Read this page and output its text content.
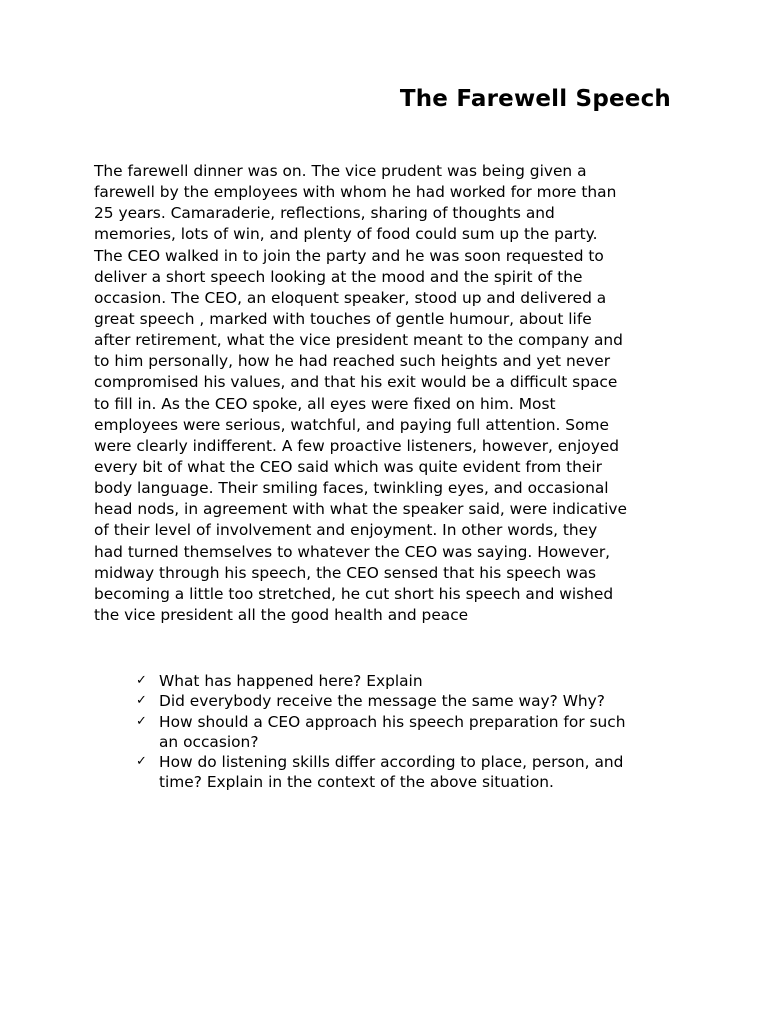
The Farewell Speech
The farewell dinner was on. The vice prudent was being given a
farewell by the employees with whom he had worked for more than
25 years. Camaraderie, reflections, sharing of thoughts and
memories, lots of win, and plenty of food could sum up the party.
The CEO walked in to join the party and he was soon requested to
deliver a short speech looking at the mood and the spirit of the
occasion. The CEO, an eloquent speaker, stood up and delivered a
great speech , marked with touches of gentle humour, about life
after retirement, what the vice president meant to the company and
to him personally, how he had reached such heights and yet never
compromised his values, and that his exit would be a difficult space
to fill in. As the CEO spoke, all eyes were fixed on him. Most
employees were serious, watchful, and paying full attention. Some
were clearly indifferent. A few proactive listeners, however, enjoyed
every bit of what the CEO said which was quite evident from their
body language. Their smiling faces, twinkling eyes, and occasional
head nods, in agreement with what the speaker said, were indicative
of their level of involvement and enjoyment. In other words, they
had turned themselves to whatever the CEO was saying. However,
midway through his speech, the CEO sensed that his speech was
becoming a little too stretched, he cut short his speech and wished
the vice president all the good health and peace
✓ What has happened here? Explain
✓ Did everybody receive the message the same way? Why?
✓ How should a CEO approach his speech preparation for such
an occasion?
✓ How do listening skills differ according to place, person, and
time? Explain in the context of the above situation.
